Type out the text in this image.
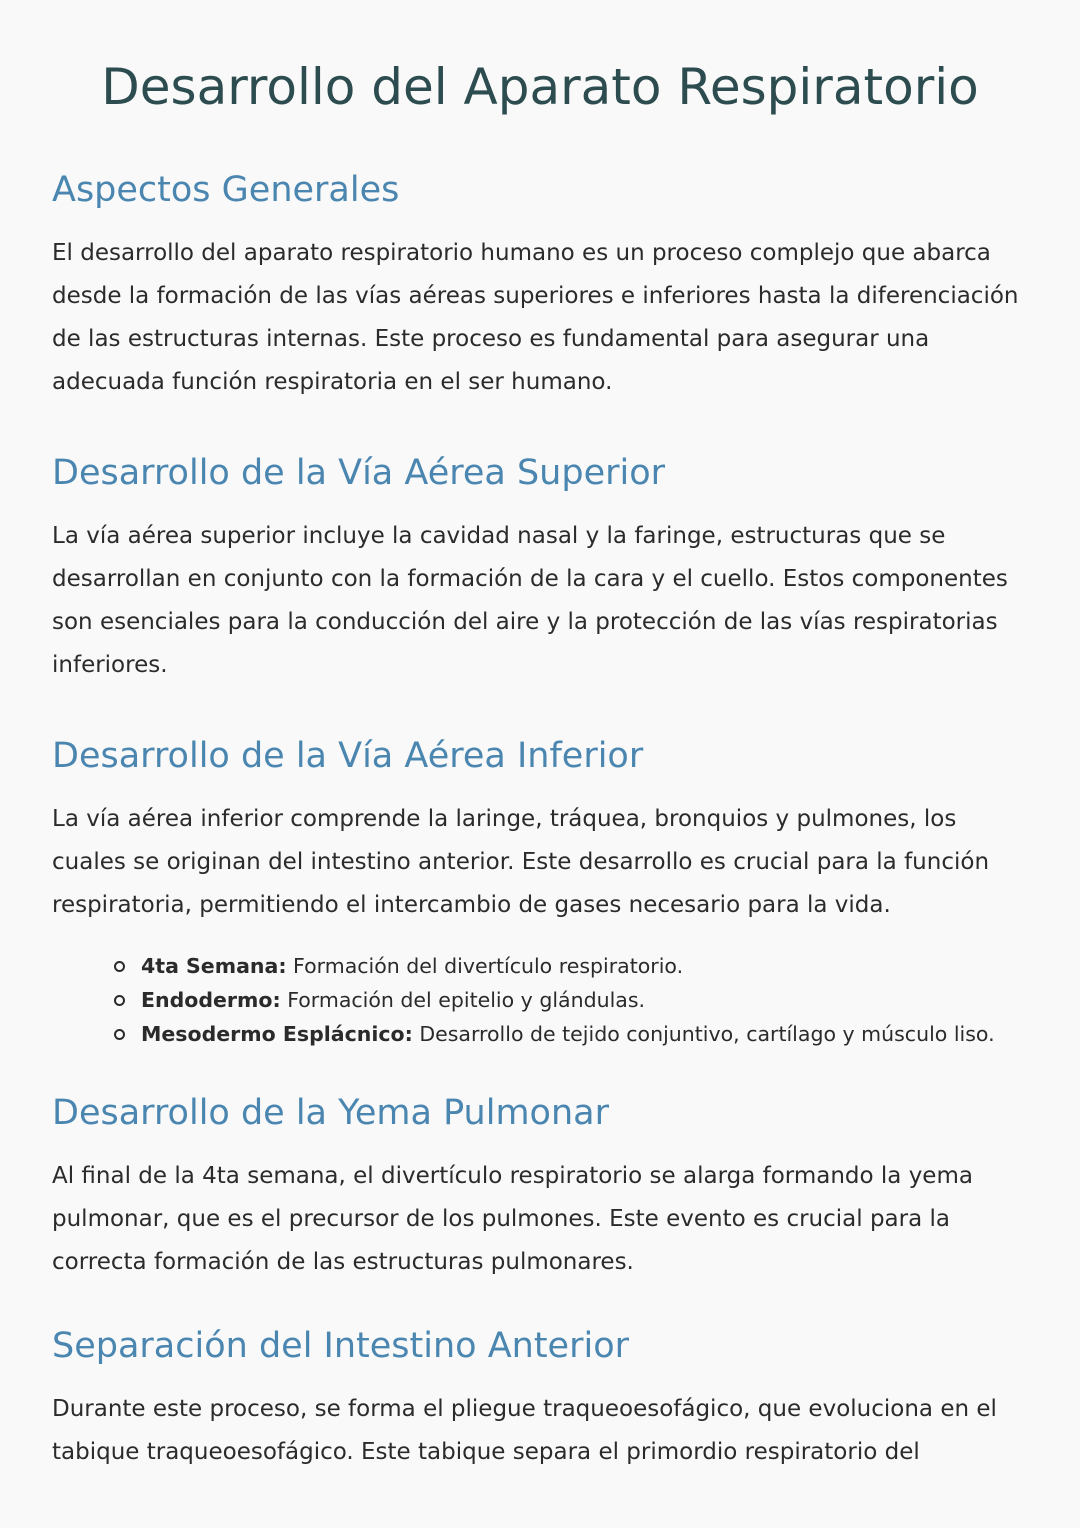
Desarrollo del Aparato Respiratorio
Aspectos Generales

El desarrollo del aparato respiratorio humano es un proceso complejo que abarca desde la formación de las vías aéreas superiores e inferiores hasta la diferenciación de las estructuras internas. Este proceso es fundamental para asegurar una adecuada función respiratoria en el ser humano.

Desarrollo de la Vía Aérea Superior

La vía aérea superior incluye la cavidad nasal y la faringe, estructuras que se desarrollan en conjunto con la formación de la cara y el cuello. Estos componentes son esenciales para la conducción del aire y la protección de las vías respiratorias inferiores.

Desarrollo de la Vía Aérea Inferior

La vía aérea inferior comprende la laringe, tráquea, bronquios y pulmones, los cuales se originan del intestino anterior. Este desarrollo es crucial para la función respiratoria, permitiendo el intercambio de gases necesario para la vida.

4ta Semana: Formación del divertículo respiratorio.
Endodermo: Formación del epitelio y glándulas.
Mesodermo Esplácnico: Desarrollo de tejido conjuntivo, cartílago y músculo liso.
Desarrollo de la Yema Pulmonar

Al final de la 4ta semana, el divertículo respiratorio se alarga formando la yema pulmonar, que es el precursor de los pulmones. Este evento es crucial para la correcta formación de las estructuras pulmonares.

Separación del Intestino Anterior

Durante este proceso, se forma el pliegue traqueoesofágico, que evoluciona en el tabique traqueoesofágico. Este tabique separa el primordio respiratorio del
